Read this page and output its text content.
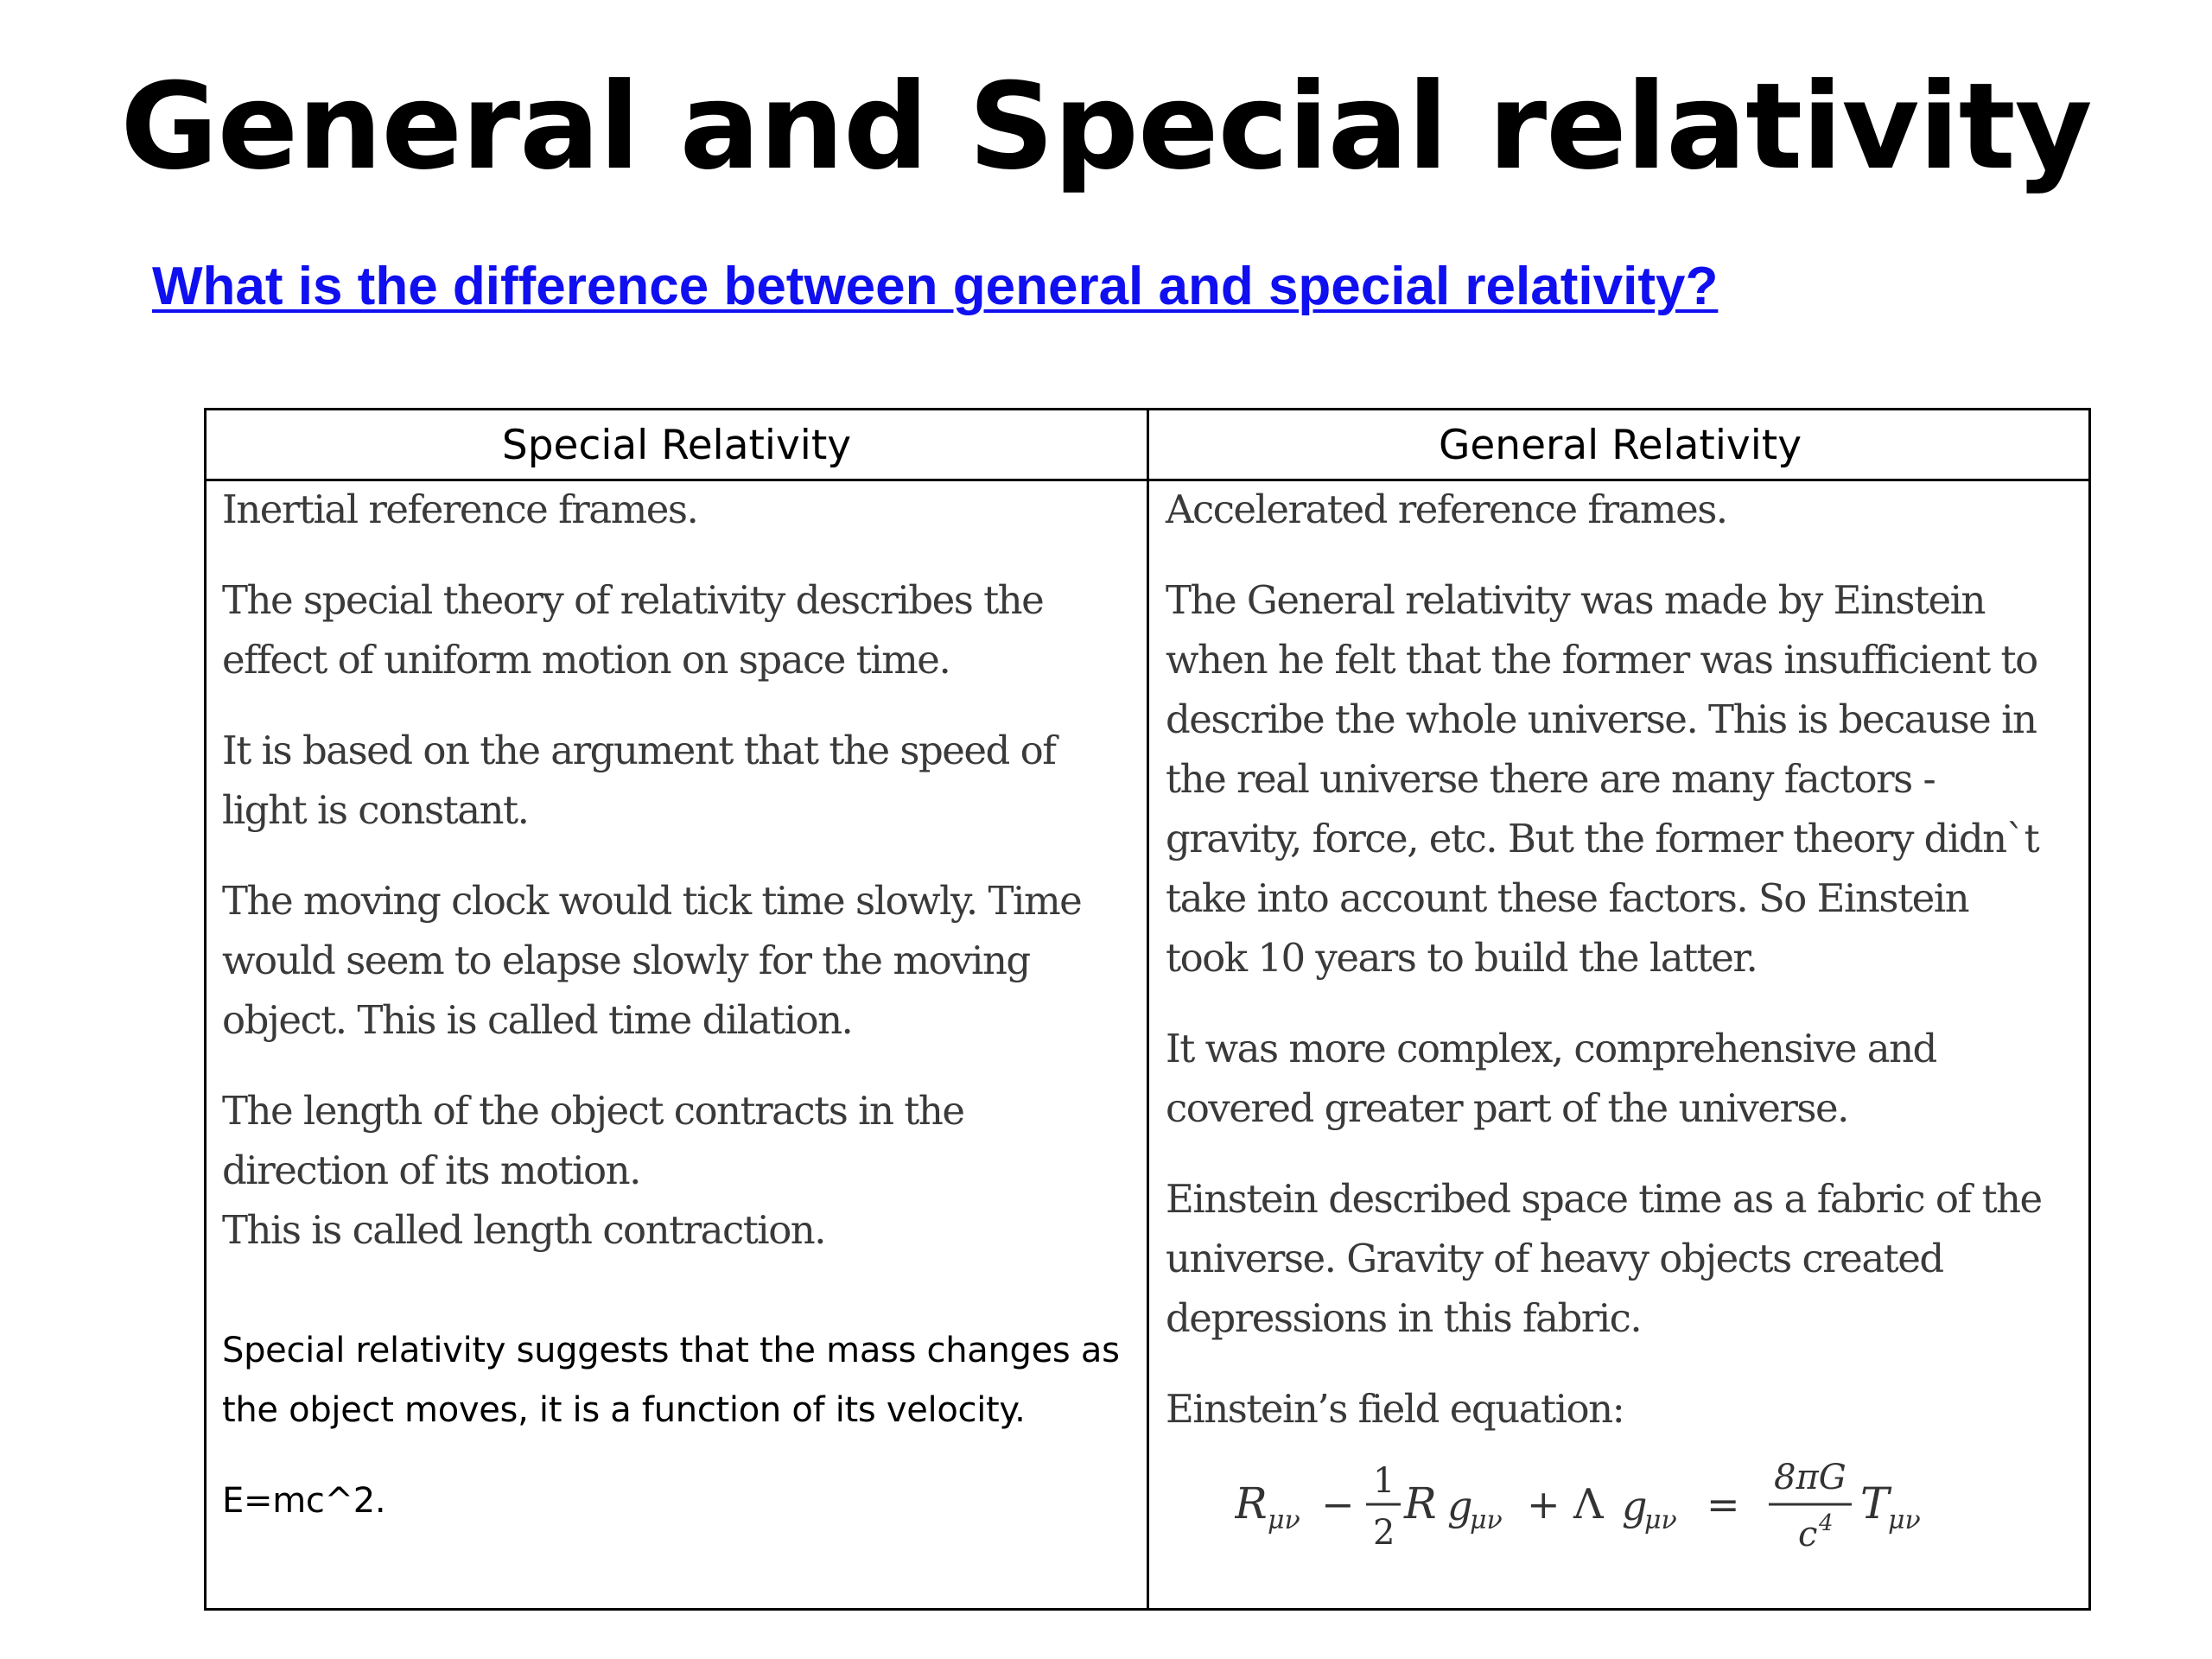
General and Special relativity
What is the difference between general and special relativity?
Special Relativity	General Relativity
Inertial reference frames.
The special theory of relativity describes the
effect of uniform motion on space time.
It is based on the argument that the speed of
light is constant.
The moving clock would tick time slowly. Time
would seem to elapse slowly for the moving
object. This is called time dilation.
The length of the object contracts in the
direction of its motion.
This is called length contraction.
Special relativity suggests that the mass changes as
the object moves, it is a function of its velocity.
E=mc^2.
Accelerated reference frames.
The General relativity was made by Einstein
when he felt that the former was insufficient to
describe the whole universe. This is because in
the real universe there are many factors -
gravity, force, etc. But the former theory didn`t
take into account these factors. So Einstein
took 10 years to build the latter.
It was more complex, comprehensive and
covered greater part of the universe.
Einstein described space time as a fabric of the
universe. Gravity of heavy objects created
depressions in this fabric.
Einstein’s field equation:
R μν − 1
2
R g
μν + Λ g
μν =
8πG
c 4 T
μν
